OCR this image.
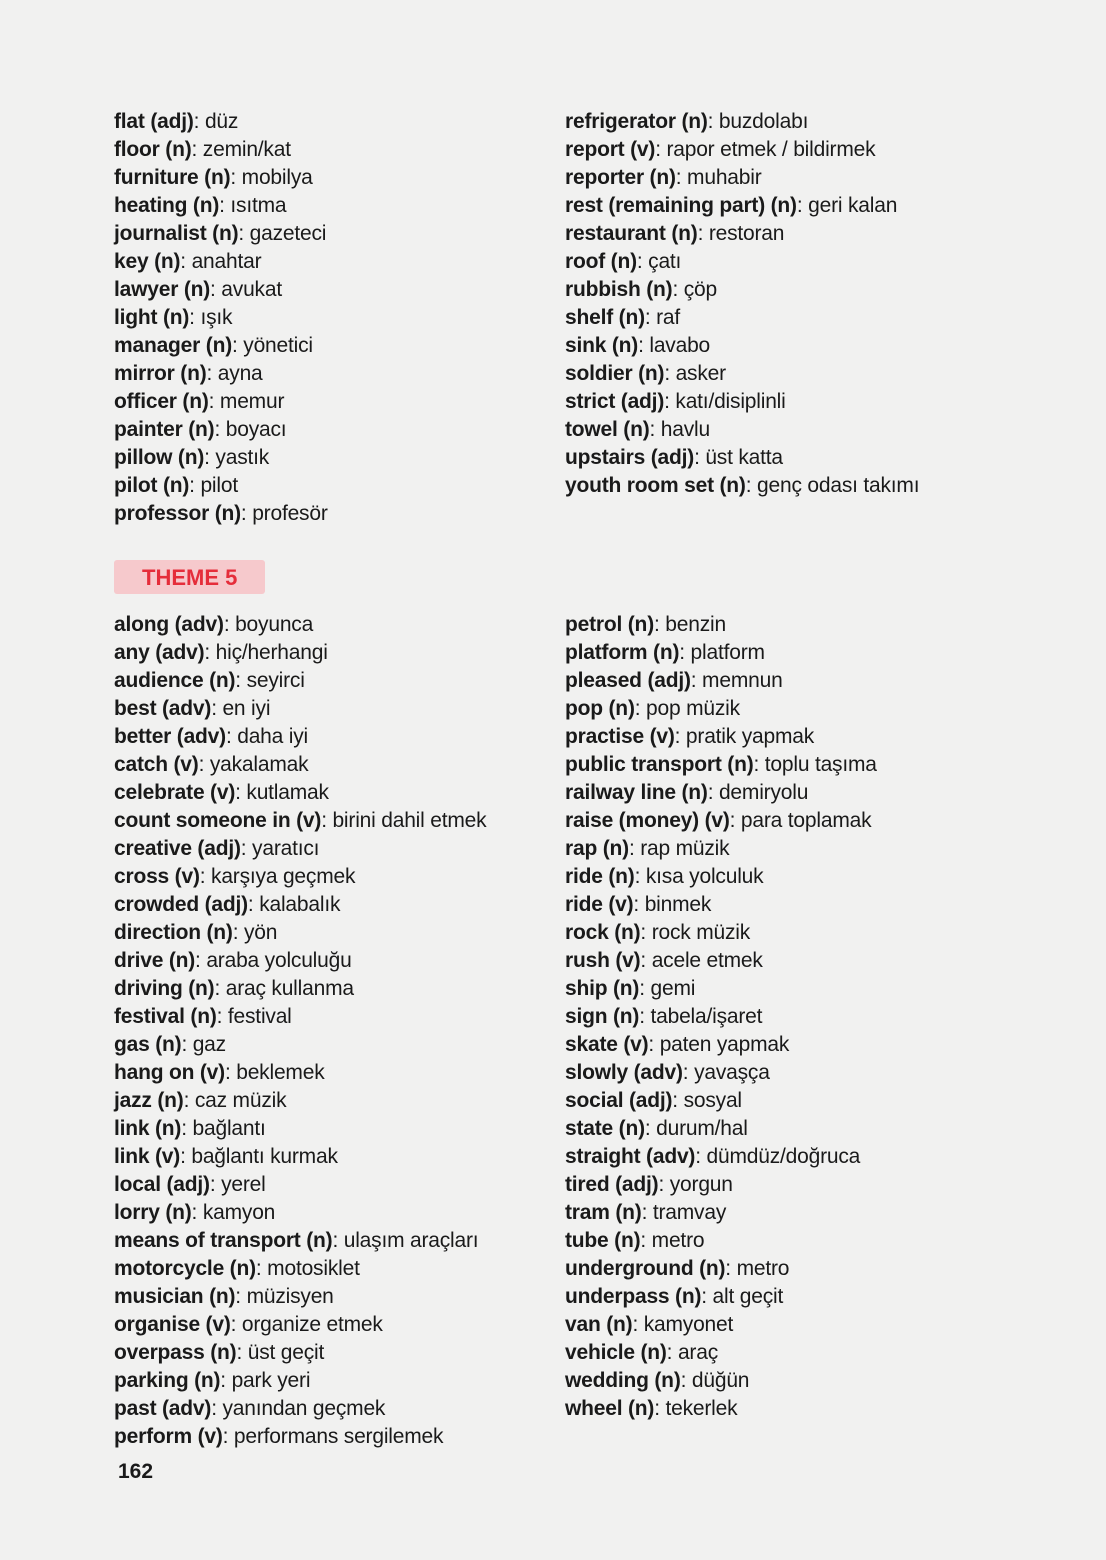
flat (adj): düz
floor (n): zemin/kat
furniture (n): mobilya
heating (n): ısıtma
journalist (n): gazeteci
key (n): anahtar
lawyer (n): avukat
light (n): ışık
manager (n): yönetici
mirror (n): ayna
officer (n): memur
painter (n): boyacı
pillow (n): yastık
pilot (n): pilot
professor (n): profesör
refrigerator (n): buzdolabı
report (v): rapor etmek / bildirmek
reporter (n): muhabir
rest (remaining part) (n): geri kalan
restaurant (n): restoran
roof (n): çatı
rubbish (n): çöp
shelf (n): raf
sink (n): lavabo
soldier (n): asker
strict (adj): katı/disiplinli
towel (n): havlu
upstairs (adj): üst katta
youth room set (n): genç odası takımı
THEME 5
along (adv): boyunca
any (adv): hiç/herhangi
audience (n): seyirci
best (adv): en iyi
better (adv): daha iyi
catch (v): yakalamak
celebrate (v): kutlamak
count someone in (v): birini dahil etmek
creative (adj): yaratıcı
cross (v): karşıya geçmek
crowded (adj): kalabalık
direction (n): yön
drive (n): araba yolculuğu
driving (n): araç kullanma
festival (n): festival
gas (n): gaz
hang on (v): beklemek
jazz (n): caz müzik
link (n): bağlantı
link (v): bağlantı kurmak
local (adj): yerel
lorry (n): kamyon
means of transport (n): ulaşım araçları
motorcycle (n): motosiklet
musician (n): müzisyen
organise (v): organize etmek
overpass (n): üst geçit
parking (n): park yeri
past (adv): yanından geçmek
perform (v): performans sergilemek
petrol (n): benzin
platform (n): platform
pleased (adj): memnun
pop (n): pop müzik
practise (v): pratik yapmak
public transport (n): toplu taşıma
railway line (n): demiryolu
raise (money) (v): para toplamak
rap (n): rap müzik
ride (n): kısa yolculuk
ride (v): binmek
rock (n): rock müzik
rush (v): acele etmek
ship (n): gemi
sign (n): tabela/işaret
skate (v): paten yapmak
slowly (adv): yavaşça
social (adj): sosyal
state (n): durum/hal
straight (adv): dümdüz/doğruca
tired (adj): yorgun
tram (n): tramvay
tube (n): metro
underground (n): metro
underpass (n): alt geçit
van (n): kamyonet
vehicle (n): araç
wedding (n): düğün
wheel (n): tekerlek
162
